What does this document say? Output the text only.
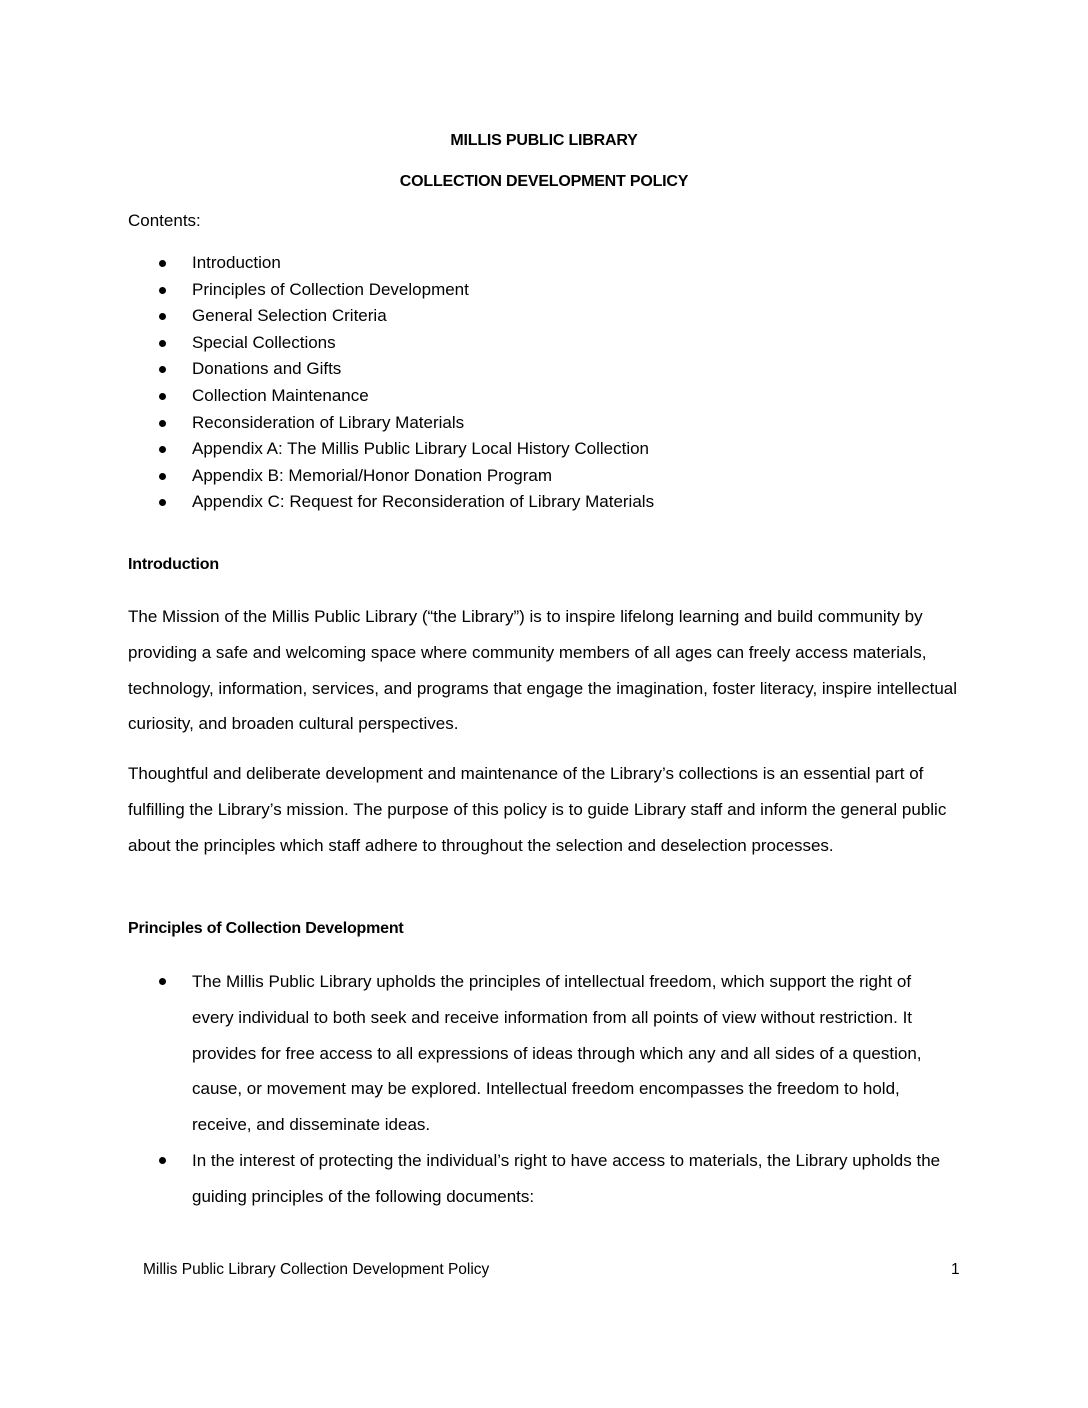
MILLIS PUBLIC LIBRARY
COLLECTION DEVELOPMENT POLICY
Contents:
Introduction
Principles of Collection Development
General Selection Criteria
Special Collections
Donations and Gifts
Collection Maintenance
Reconsideration of Library Materials
Appendix A: The Millis Public Library Local History Collection
Appendix B: Memorial/Honor Donation Program
Appendix C: Request for Reconsideration of Library Materials
Introduction

The Mission of the Millis Public Library (“the Library”) is to inspire lifelong learning and build community by providing a safe and welcoming space where community members of all ages can freely access materials, technology, information, services, and programs that engage the imagination, foster literacy, inspire intellectual curiosity, and broaden cultural perspectives.

Thoughtful and deliberate development and maintenance of the Library’s collections is an essential part of fulfilling the Library’s mission. The purpose of this policy is to guide Library staff and inform the general public about the principles which staff adhere to throughout the selection and deselection processes.

Principles of Collection Development
The Millis Public Library upholds the principles of intellectual freedom, which support the right of every individual to both seek and receive information from all points of view without restriction. It provides for free access to all expressions of ideas through which any and all sides of a question, cause, or movement may be explored. Intellectual freedom encompasses the freedom to hold, receive, and disseminate ideas.
In the interest of protecting the individual’s right to have access to materials, the Library upholds the guiding principles of the following documents:
Millis Public Library Collection Development Policy	1
